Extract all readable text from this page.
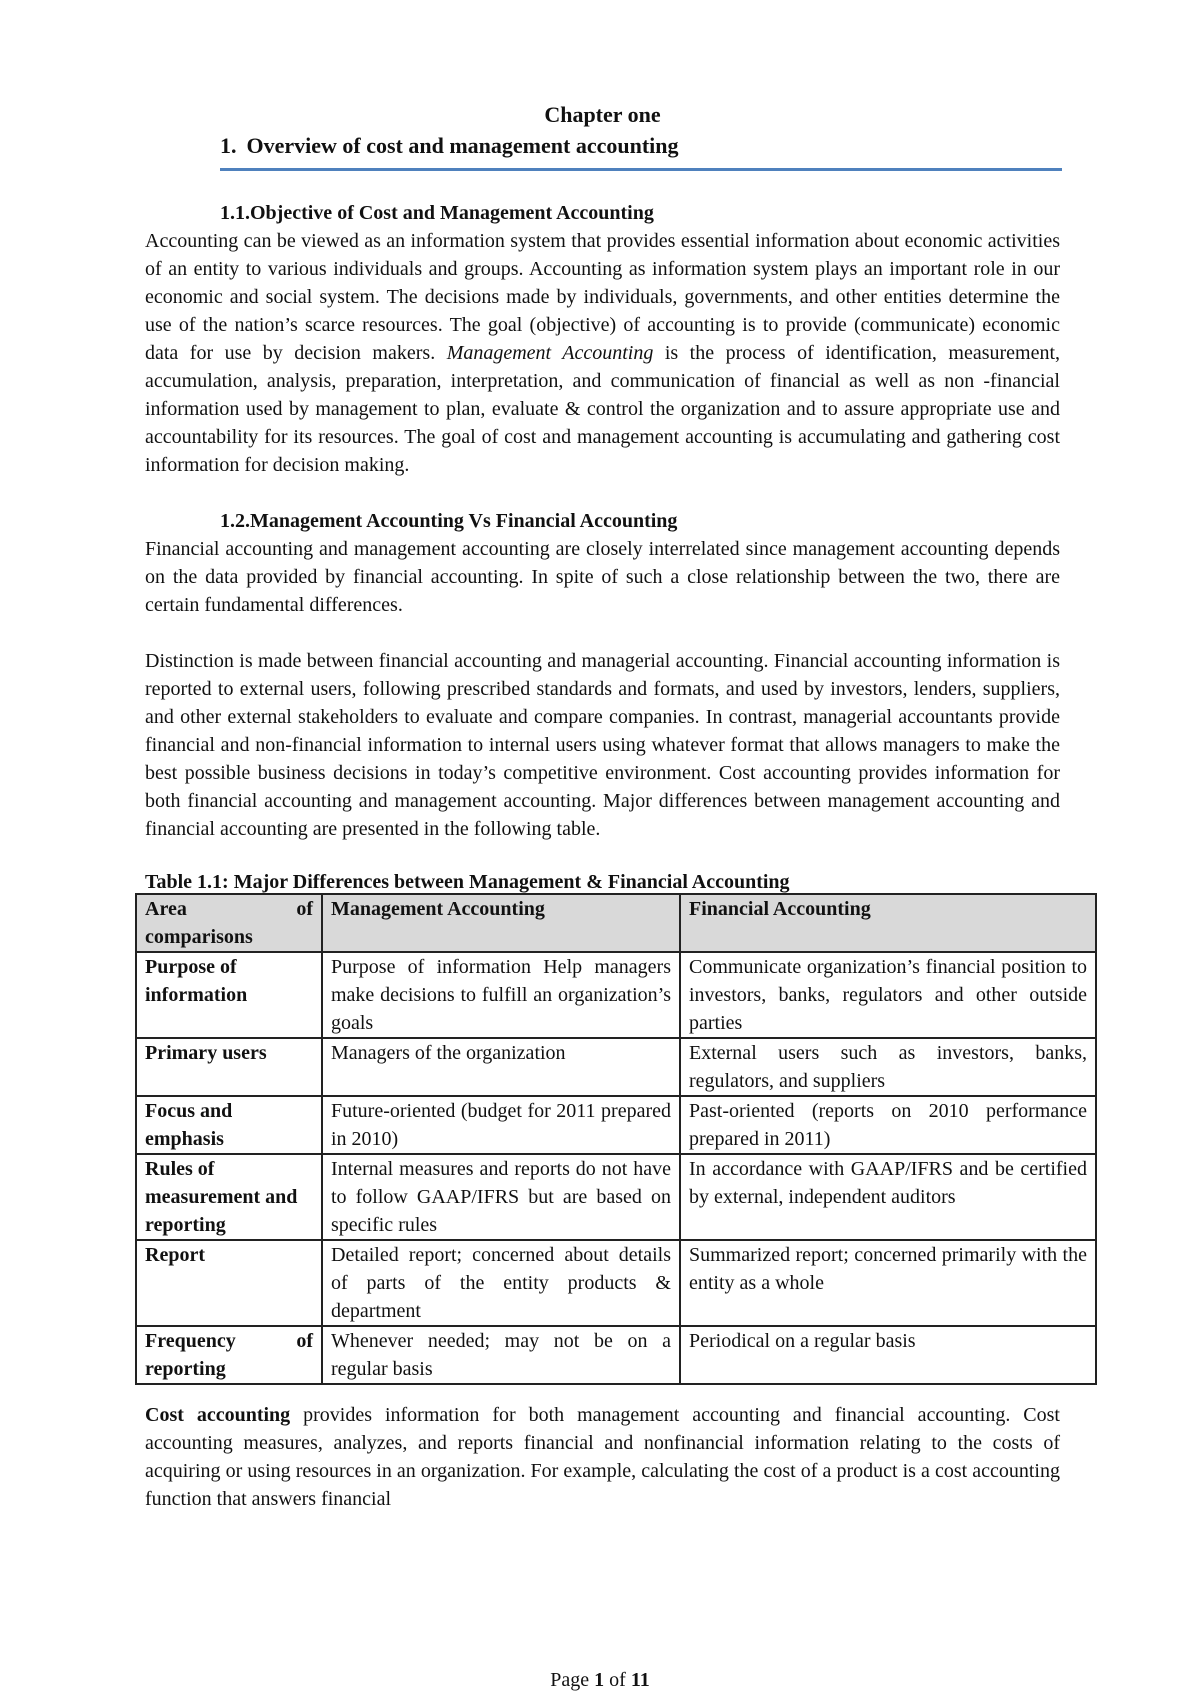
Chapter one
1. Overview of cost and management accounting
1.1.Objective of Cost and Management Accounting

Accounting can be viewed as an information system that provides essential information about economic activities of an entity to various individuals and groups. Accounting as information system plays an important role in our economic and social system. The decisions made by individuals, governments, and other entities determine the use of the nation’s scarce resources. The goal (objective) of accounting is to provide (communicate) economic data for use by decision makers. Management Accounting is the process of identification, measurement, accumulation, analysis, preparation, interpretation, and communication of financial as well as non -financial information used by management to plan, evaluate & control the organization and to assure appropriate use and accountability for its resources. The goal of cost and management accounting is accumulating and gathering cost information for decision making.

1.2.Management Accounting Vs Financial Accounting

Financial accounting and management accounting are closely interrelated since management accounting depends on the data provided by financial accounting. In spite of such a close relationship between the two, there are certain fundamental differences.

Distinction is made between financial accounting and managerial accounting. Financial accounting information is reported to external users, following prescribed standards and formats, and used by investors, lenders, suppliers, and other external stakeholders to evaluate and compare companies. In contrast, managerial accountants provide financial and non-financial information to internal users using whatever format that allows managers to make the best possible business decisions in today’s competitive environment. Cost accounting provides information for both financial accounting and management accounting. Major differences between management accounting and financial accounting are presented in the following table.

Table 1.1: Major Differences between Management & Financial Accounting
Area of comparisons	Management Accounting	Financial Accounting
Purpose of information	Purpose of information Help managers make decisions to fulfill an organization’s goals	Communicate organization’s financial position to investors, banks, regulators and other outside parties
Primary users	Managers of the organization	External users such as investors, banks, regulators, and suppliers
Focus and emphasis	Future-oriented (budget for 2011 prepared in 2010)	Past-oriented (reports on 2010 performance prepared in 2011)
Rules of measurement and reporting	Internal measures and reports do not have to follow GAAP/IFRS but are based on specific rules	In accordance with GAAP/IFRS and be certified by external, independent auditors
Report	Detailed report; concerned about details of parts of the entity products & department	Summarized report; concerned primarily with the entity as a whole
Frequency of reporting	Whenever needed; may not be on a regular basis	Periodical on a regular basis

Cost accounting provides information for both management accounting and financial accounting. Cost accounting measures, analyzes, and reports financial and nonfinancial information relating to the costs of acquiring or using resources in an organization. For example, calculating the cost of a product is a cost accounting function that answers financial

Page 1 of 11
